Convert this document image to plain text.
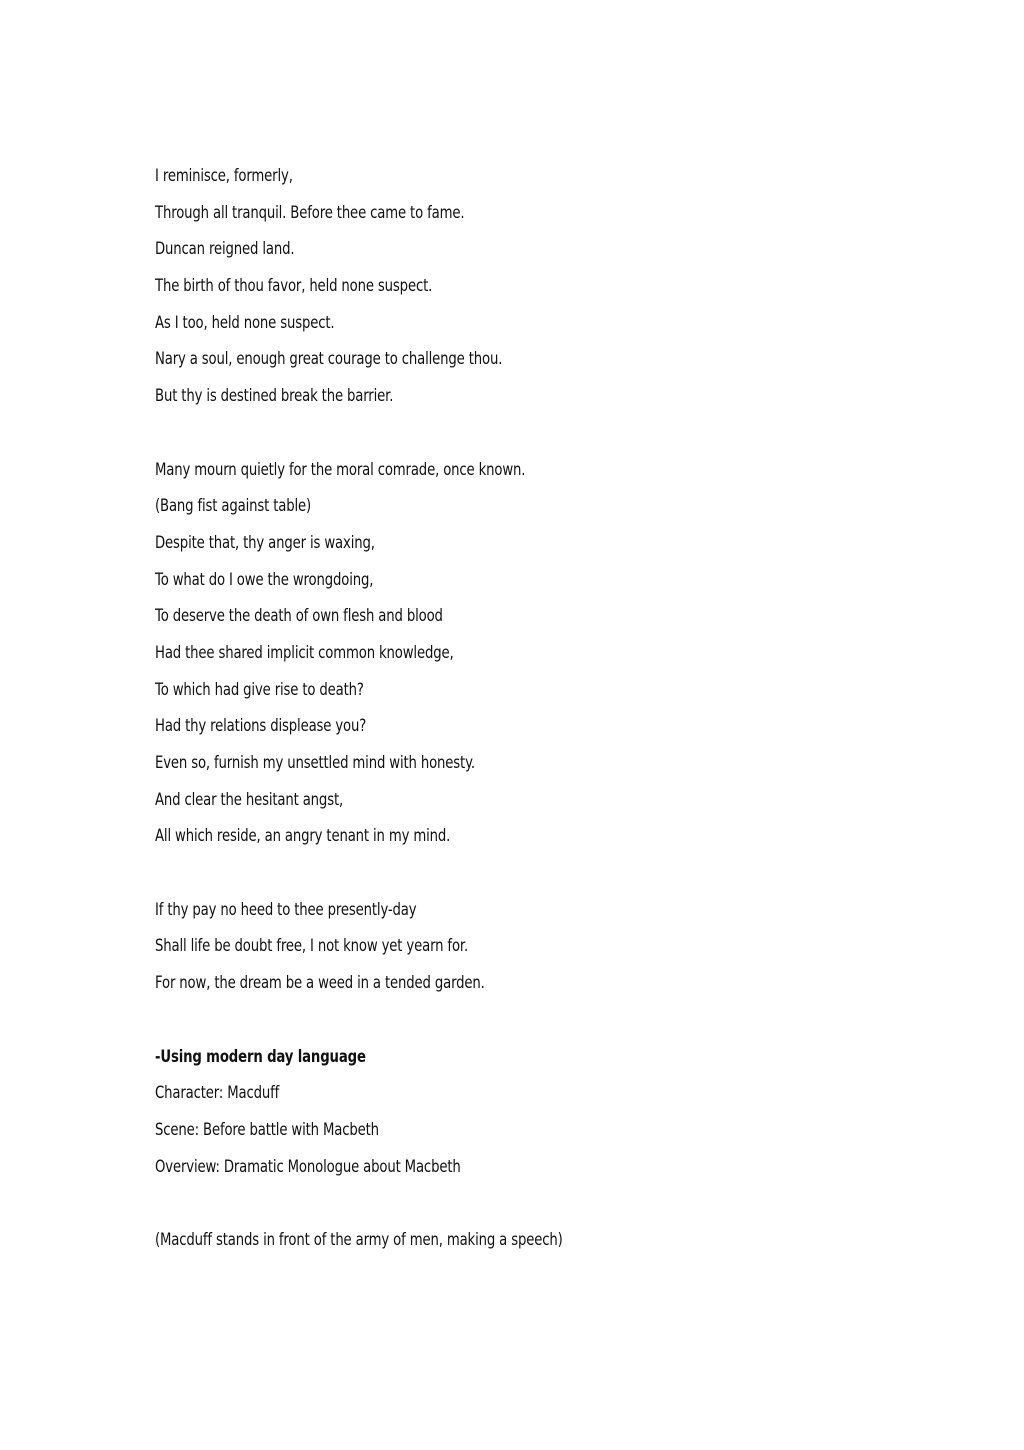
I reminisce, formerly,
Through all tranquil. Before thee came to fame.
Duncan reigned land.
The birth of thou favor, held none suspect.
As I too, held none suspect.
Nary a soul, enough great courage to challenge thou.
But thy is destined break the barrier.
Many mourn quietly for the moral comrade, once known.
(Bang fist against table)
Despite that, thy anger is waxing,
To what do I owe the wrongdoing,
To deserve the death of own flesh and blood
Had thee shared implicit common knowledge,
To which had give rise to death?
Had thy relations displease you?
Even so, furnish my unsettled mind with honesty.
And clear the hesitant angst,
All which reside, an angry tenant in my mind.
If thy pay no heed to thee presently-day
Shall life be doubt free, I not know yet yearn for.
For now, the dream be a weed in a tended garden.
-Using modern day language
Character: Macduff
Scene: Before battle with Macbeth
Overview: Dramatic Monologue about Macbeth
(Macduff stands in front of the army of men, making a speech)
